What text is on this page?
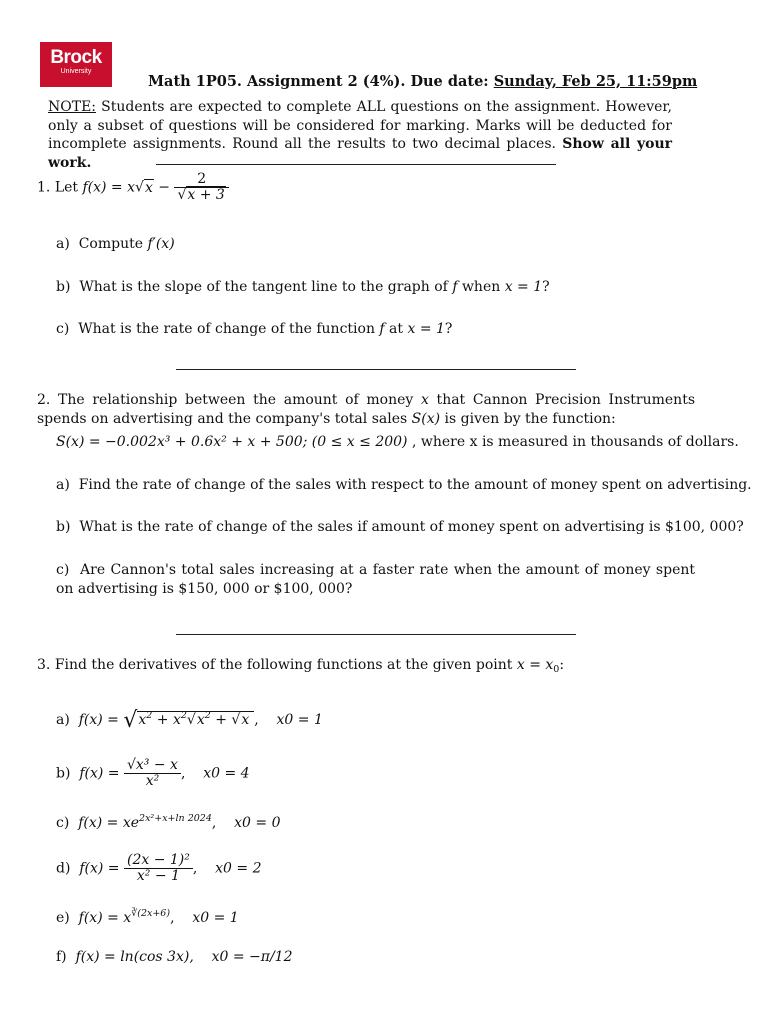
Brock
University
Math 1P05. Assignment 2 (4%). Due date: Sunday, Feb 25, 11:59pm
NOTE: Students are expected to complete ALL questions on the assignment. However, only a subset of questions will be considered for marking. Marks will be deducted for incomplete assignments. Round all the results to two decimal places. Show all your work.
1. Let $f(x) = x√x - \frac{2}{√x + 3}$
a) Compute f′(x)
b) What is the slope of the tangent line to the graph of f when x = 1?
c) What is the rate of change of the function f at x = 1?
2. The relationship between the amount of money x that Cannon Precision Instruments spends on advertising and the company's total sales S(x) is given by the function:
S(x) = −0.002x³ + 0.6x² + x + 500; (0 ≤ x ≤ 200) , where x is measured in thousands of dollars.
a) Find the rate of change of the sales with respect to the amount of money spent on advertising.
b) What is the rate of change of the sales if amount of money spent on advertising is $100, 000?
c) Are Cannon's total sales increasing at a faster rate when the amount of money spent on advertising is $150, 000 or $100, 000?
3. Find the derivatives of the following functions at the given point $x = x_0$:
a) $f(x) = √x^2 + x^2√x^2 + √x$ , x0 = 1
b) $f(x) = \frac{\text{√x³ − x}}{\text{x²}}$ ,    x0 = 4
c) $f(x) = xe^{2x^2+x+ln 2024}$,    x0 = 0
d) $f(x) = \frac{\text{(2x − 1)²}}{\text{x² − 1}}$ ,    x0 = 2
e) $f(x) = x^{∛(2x+6)}$,    x0 = 1
f) f(x) = ln(cos 3x), x0 = −π/12
